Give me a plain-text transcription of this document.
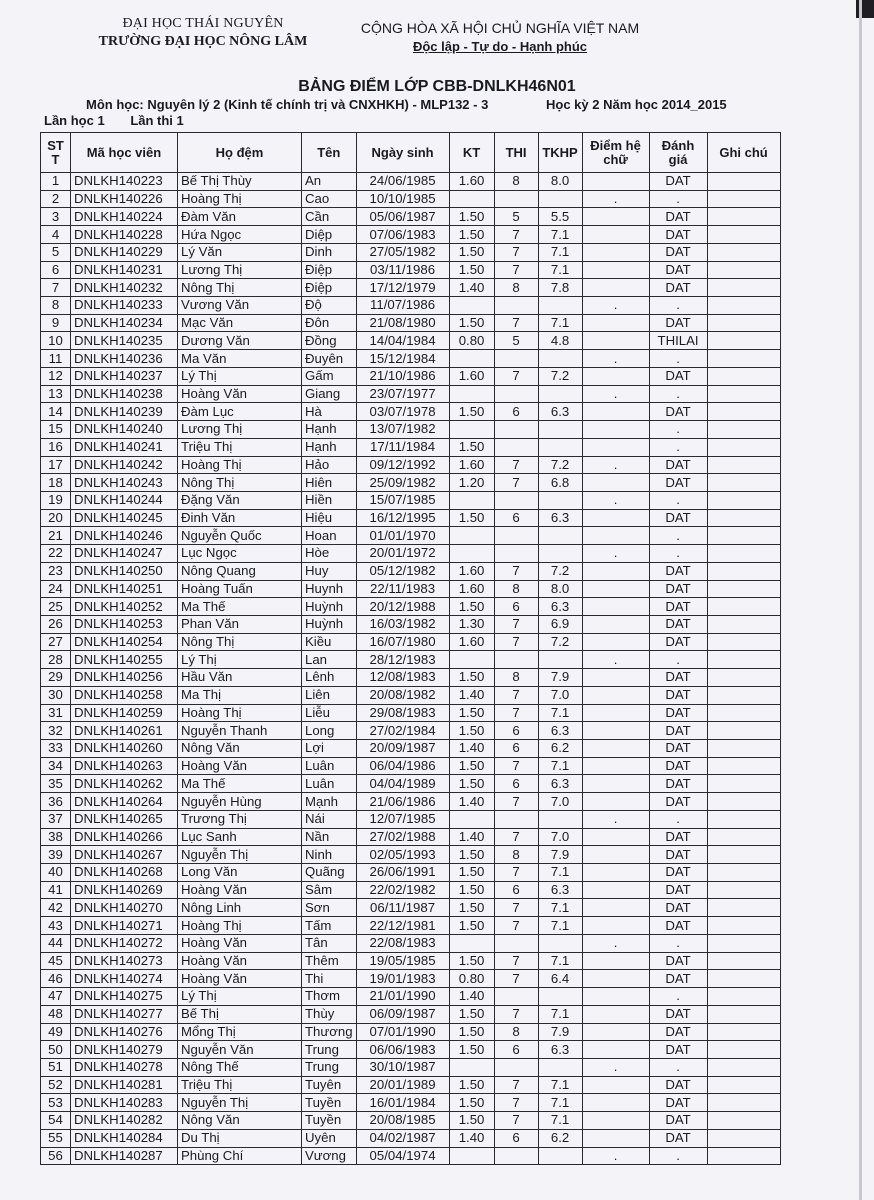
ĐẠI HỌC THÁI NGUYÊN
TRƯỜNG ĐẠI HỌC NÔNG LÂM
CỘNG HÒA XÃ HỘI CHỦ NGHĨA VIỆT NAM
Độc lập - Tự do - Hạnh phúc
BẢNG ĐIỂM LỚP CBB-DNLKH46N01
Môn học: Nguyên lý 2 (Kinh tế chính trị và CNXHKH) - MLP132 - 3	Học kỳ 2 Năm học 2014_2015
Lần học 1 Lần thi 1
STT	Mã học viên	Họ đệm	Tên	Ngày sinh	KT	THI	TKHP	Điểm hệ chữ	Đánh giá	Ghi chú
1	DNLKH140223	Bế Thị Thùy	An	24/06/1985	1.60	8	8.0		DAT	
2	DNLKH140226	Hoàng Thị	Cao	10/10/1985				.	.	
3	DNLKH140224	Đàm Văn	Cần	05/06/1987	1.50	5	5.5		DAT	
4	DNLKH140228	Hứa Ngọc	Diệp	07/06/1983	1.50	7	7.1		DAT	
5	DNLKH140229	Lý Văn	Dinh	27/05/1982	1.50	7	7.1		DAT	
6	DNLKH140231	Lương Thị	Điệp	03/11/1986	1.50	7	7.1		DAT	
7	DNLKH140232	Nông Thị	Điệp	17/12/1979	1.40	8	7.8		DAT	
8	DNLKH140233	Vương Văn	Độ	11/07/1986				.	.	
9	DNLKH140234	Mạc Văn	Đôn	21/08/1980	1.50	7	7.1		DAT	
10	DNLKH140235	Dương Văn	Đồng	14/04/1984	0.80	5	4.8		THILAI	
11	DNLKH140236	Ma Văn	Đuyên	15/12/1984				.	.	
12	DNLKH140237	Lý Thị	Gấm	21/10/1986	1.60	7	7.2		DAT	
13	DNLKH140238	Hoàng Văn	Giang	23/07/1977				.	.	
14	DNLKH140239	Đàm Lục	Hà	03/07/1978	1.50	6	6.3		DAT	
15	DNLKH140240	Lương Thị	Hạnh	13/07/1982					.	
16	DNLKH140241	Triệu Thị	Hạnh	17/11/1984	1.50				.	
17	DNLKH140242	Hoàng Thị	Hảo	09/12/1992	1.60	7	7.2	.	DAT	
18	DNLKH140243	Nông Thị	Hiên	25/09/1982	1.20	7	6.8		DAT	
19	DNLKH140244	Đặng Văn	Hiền	15/07/1985				.	.	
20	DNLKH140245	Đinh Văn	Hiệu	16/12/1995	1.50	6	6.3		DAT	
21	DNLKH140246	Nguyễn Quốc	Hoan	01/01/1970					.	
22	DNLKH140247	Lục Ngọc	Hòe	20/01/1972				.	.	
23	DNLKH140250	Nông Quang	Huy	05/12/1982	1.60	7	7.2		DAT	
24	DNLKH140251	Hoàng Tuấn	Huynh	22/11/1983	1.60	8	8.0		DAT	
25	DNLKH140252	Ma Thế	Huỳnh	20/12/1988	1.50	6	6.3		DAT	
26	DNLKH140253	Phan Văn	Huỳnh	16/03/1982	1.30	7	6.9		DAT	
27	DNLKH140254	Nông Thị	Kiều	16/07/1980	1.60	7	7.2		DAT	
28	DNLKH140255	Lý Thị	Lan	28/12/1983				.	.	
29	DNLKH140256	Hầu Văn	Lênh	12/08/1983	1.50	8	7.9		DAT	
30	DNLKH140258	Ma Thị	Liên	20/08/1982	1.40	7	7.0		DAT	
31	DNLKH140259	Hoàng Thị	Liễu	29/08/1983	1.50	7	7.1		DAT	
32	DNLKH140261	Nguyễn Thanh	Long	27/02/1984	1.50	6	6.3		DAT	
33	DNLKH140260	Nông Văn	Lợi	20/09/1987	1.40	6	6.2		DAT	
34	DNLKH140263	Hoàng Văn	Luân	06/04/1986	1.50	7	7.1		DAT	
35	DNLKH140262	Ma Thế	Luân	04/04/1989	1.50	6	6.3		DAT	
36	DNLKH140264	Nguyễn Hùng	Mạnh	21/06/1986	1.40	7	7.0		DAT	
37	DNLKH140265	Trương Thị	Nái	12/07/1985				.	.	
38	DNLKH140266	Lục Sanh	Nần	27/02/1988	1.40	7	7.0		DAT	
39	DNLKH140267	Nguyễn Thị	Ninh	02/05/1993	1.50	8	7.9		DAT	
40	DNLKH140268	Long Văn	Quãng	26/06/1991	1.50	7	7.1		DAT	
41	DNLKH140269	Hoàng Văn	Sâm	22/02/1982	1.50	6	6.3		DAT	
42	DNLKH140270	Nông Linh	Sơn	06/11/1987	1.50	7	7.1		DAT	
43	DNLKH140271	Hoàng Thị	Tấm	22/12/1981	1.50	7	7.1		DAT	
44	DNLKH140272	Hoàng Văn	Tân	22/08/1983				.	.	
45	DNLKH140273	Hoàng Văn	Thêm	19/05/1985	1.50	7	7.1		DAT	
46	DNLKH140274	Hoàng Văn	Thi	19/01/1983	0.80	7	6.4		DAT	
47	DNLKH140275	Lý Thị	Thơm	21/01/1990	1.40				.	
48	DNLKH140277	Bế Thị	Thùy	06/09/1987	1.50	7	7.1		DAT	
49	DNLKH140276	Mổng Thị	Thương	07/01/1990	1.50	8	7.9		DAT	
50	DNLKH140279	Nguyễn Văn	Trung	06/06/1983	1.50	6	6.3		DAT	
51	DNLKH140278	Nông Thế	Trung	30/10/1987				.	.	
52	DNLKH140281	Triệu Thị	Tuyên	20/01/1989	1.50	7	7.1		DAT	
53	DNLKH140283	Nguyễn Thị	Tuyền	16/01/1984	1.50	7	7.1		DAT	
54	DNLKH140282	Nông Văn	Tuyền	20/08/1985	1.50	7	7.1		DAT	
55	DNLKH140284	Du Thị	Uyên	04/02/1987	1.40	6	6.2		DAT	
56	DNLKH140287	Phùng Chí	Vương	05/04/1974				.	.	
